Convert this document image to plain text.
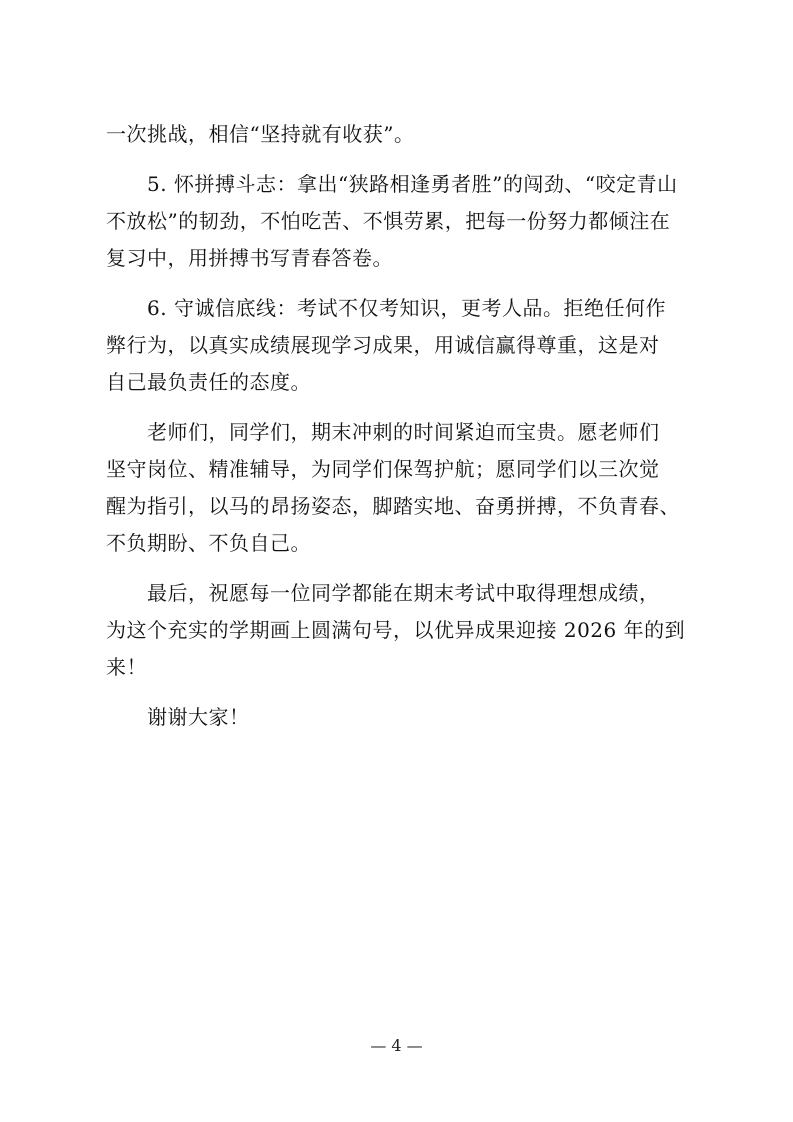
一次挑战，相信“坚持就有收获”。
　　5. 怀拼搏斗志：拿出“狭路相逢勇者胜”的闯劲、“咬定青山
不放松”的韧劲，不怕吃苦、不惧劳累，把每一份努力都倾注在
复习中，用拼搏书写青春答卷。
　　6. 守诚信底线：考试不仅考知识，更考人品。拒绝任何作
弊行为，以真实成绩展现学习成果，用诚信赢得尊重，这是对
自己最负责任的态度。
　　老师们，同学们，期末冲刺的时间紧迫而宝贵。愿老师们
坚守岗位、精准辅导，为同学们保驾护航；愿同学们以三次觉
醒为指引，以马的昂扬姿态，脚踏实地、奋勇拼搏，不负青春、
不负期盼、不负自己。
　　最后，祝愿每一位同学都能在期末考试中取得理想成绩，
为这个充实的学期画上圆满句号，以优异成果迎接 2026 年的到
来！
　　谢谢大家！
— 4 —
